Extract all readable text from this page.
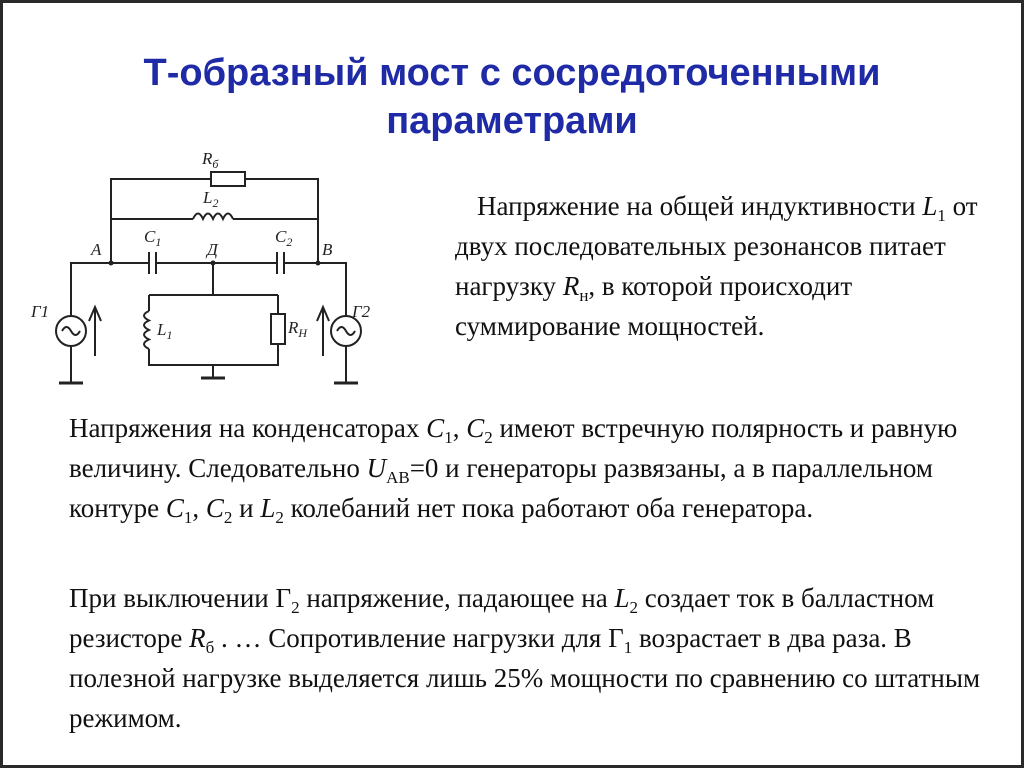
Т-образный мост с сосредоточенными
параметрами
$R_б$
$L_2$
$C_1$	$C_2$
A	Д	B
Г1	Г2
$L_1$	$R_Н$
Напряжение на общей индуктивности $L_1$ от двух последовательных резонансов питает нагрузку $R_н$, в которой происходит суммирование мощностей.
Напряжения на конденсаторах $C_1$, $C_2$ имеют встречную полярность и равную величину. Следовательно $U_{AB}=0$ и генераторы развязаны, а в параллельном контуре $C_1$, $C_2$ и $L_2$ колебаний нет пока работают оба генератора.
При выключении $Г_2$ напряжение, падающее на $L_2$ создает ток в балластном резисторе $R_б$ . … Сопротивление нагрузки для $Г_1$ возрастает в два раза. В полезной нагрузке выделяется лишь 25% мощности по сравнению со штатным режимом.
